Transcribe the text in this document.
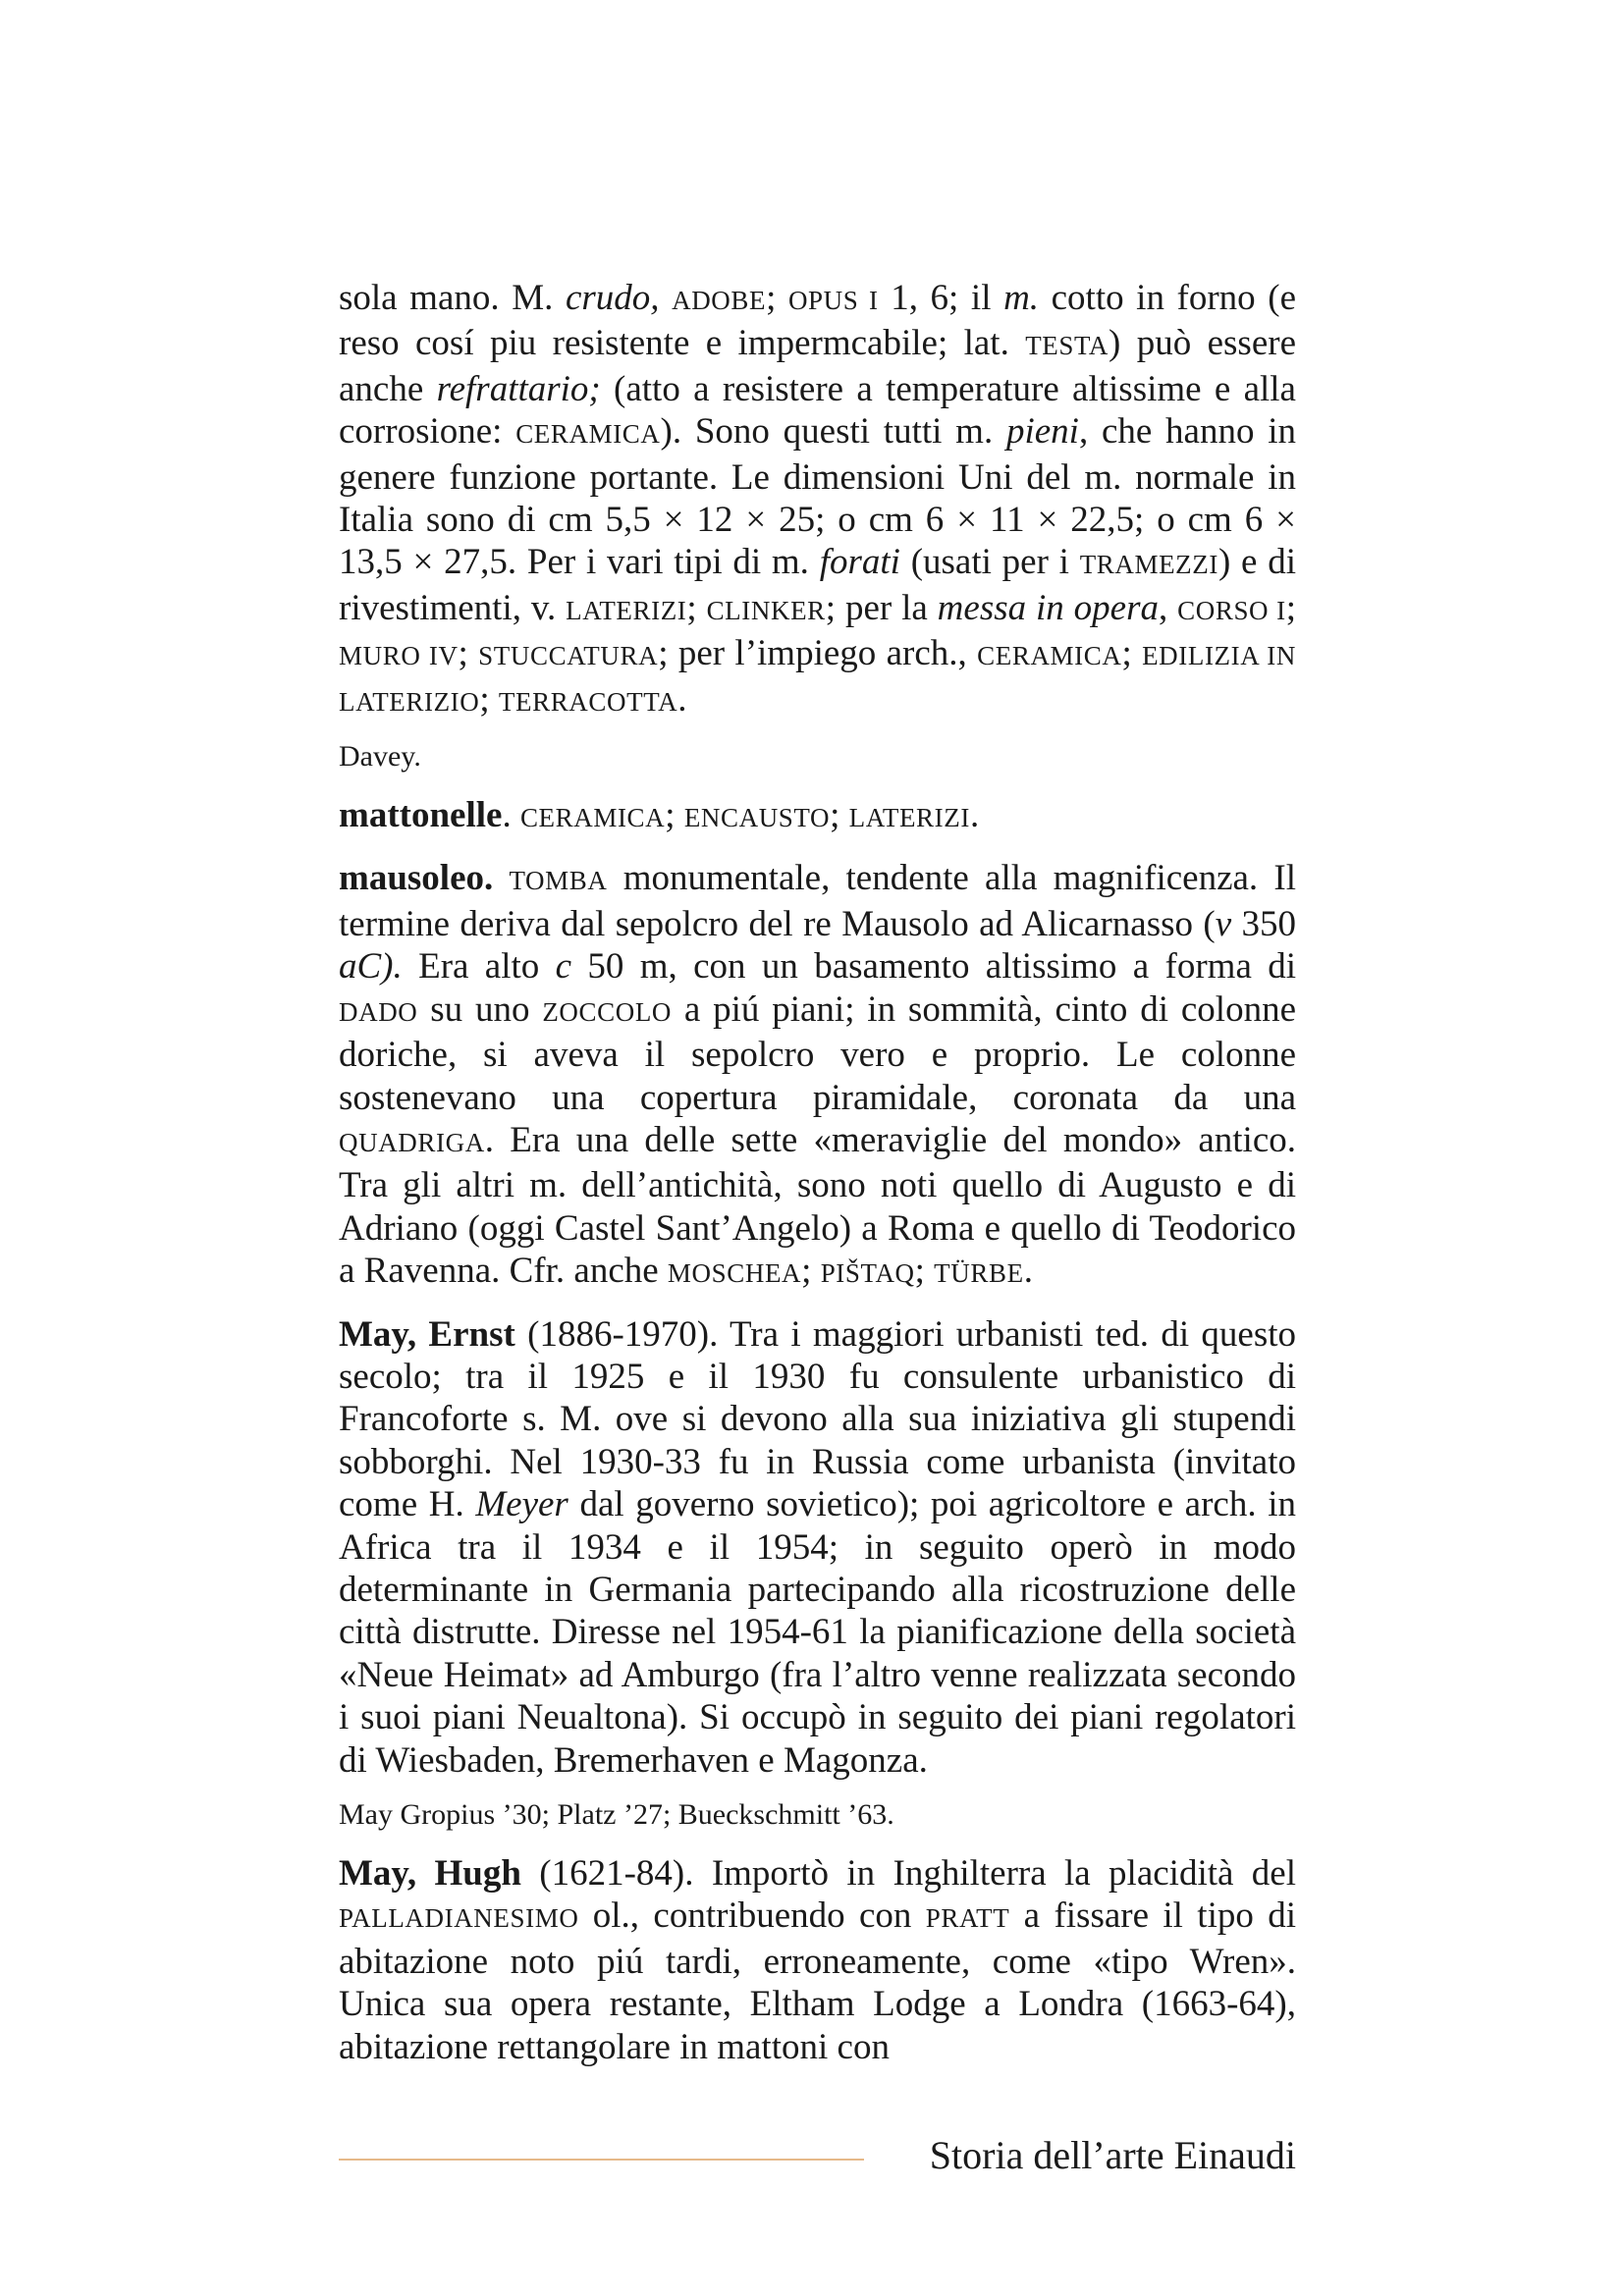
sola mano. M. crudo, ADOBE; OPUS I 1, 6; il m. cotto in forno (e reso cosí piu resistente e impermcabile; lat. TESTA) può essere anche refrattario; (atto a resistere a temperature altissime e alla corrosione: CERAMICA). Sono questi tutti m. pieni, che hanno in genere funzione portante. Le dimensioni Uni del m. normale in Italia sono di cm 5,5 × 12 × 25; o cm 6 × 11 × 22,5; o cm 6 × 13,5 × 27,5. Per i vari tipi di m. forati (usati per i TRAMEZZI) e di rivestimenti, v. LATERIZI; CLINKER; per la messa in opera, CORSO I; MURO IV; STUCCATURA; per l’impiego arch., CERAMICA; EDILIZIA IN LATERIZIO; TERRACOTTA.

Davey.

mattonelle. CERAMICA; ENCAUSTO; LATERIZI.

mausoleo. TOMBA monumentale, tendente alla magnificenza. Il termine deriva dal sepolcro del re Mausolo ad Alicarnasso (v 350 aC). Era alto c 50 m, con un basamento altissimo a forma di DADO su uno ZOCCOLO a piú piani; in sommità, cinto di colonne doriche, si aveva il sepolcro vero e proprio. Le colonne sostenevano una copertura piramidale, coronata da una QUADRIGA. Era una delle sette «meraviglie del mondo» antico. Tra gli altri m. dell’antichità, sono noti quello di Augusto e di Adriano (oggi Castel Sant’Angelo) a Roma e quello di Teodorico a Ravenna. Cfr. anche MOSCHEA; PIŠTAQ; TÜRBE.

May, Ernst (1886-1970). Tra i maggiori urbanisti ted. di questo secolo; tra il 1925 e il 1930 fu consulente urbanistico di Francoforte s. M. ove si devono alla sua iniziativa gli stupendi sobborghi. Nel 1930-33 fu in Russia come urbanista (invitato come H. Meyer dal governo sovietico); poi agricoltore e arch. in Africa tra il 1934 e il 1954; in seguito operò in modo determinante in Germania partecipando alla ricostruzione delle città distrutte. Diresse nel 1954-61 la pianificazione della società «Neue Heimat» ad Amburgo (fra l’altro venne realizzata secondo i suoi piani Neualtona). Si occupò in seguito dei piani regolatori di Wiesbaden, Bremerhaven e Magonza.

May Gropius ’30; Platz ’27; Bueckschmitt ’63.

May, Hugh (1621-84). Importò in Inghilterra la placidità del PALLADIANESIMO ol., contribuendo con PRATT a fissare il tipo di abitazione noto piú tardi, erroneamente, come «tipo Wren». Unica sua opera restante, Eltham Lodge a Londra (1663-64), abitazione rettangolare in mattoni con

Storia dell’arte Einaudi
